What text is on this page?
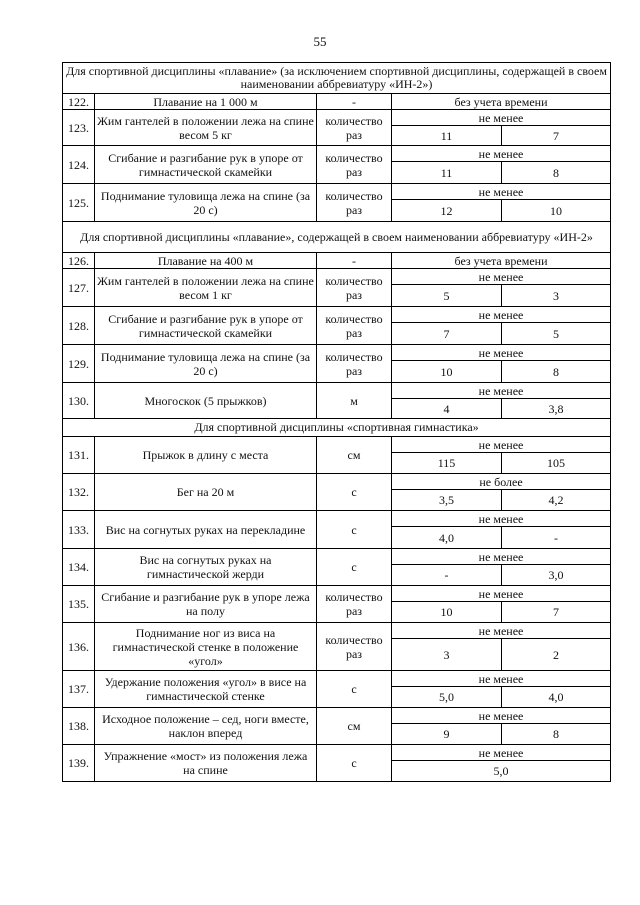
55
Для спортивной дисциплины «плавание» (за исключением спортивной дисциплины, содержащей в своем наименовании аббревиатуру «ИН-2»)				
122.	Плавание на 1 000 м	-	без учета времени	
123.	Жим гантелей в положении лежа на спине весом 5 кг	количество раз	не менее	
			11	7
124.	Сгибание и разгибание рук в упоре от гимнастической скамейки	количество раз	не менее	
			11	8
125.	Поднимание туловища лежа на спине (за 20 с)	количество раз	не менее	
			12	10
Для спортивной дисциплины «плавание», содержащей в своем наименовании аббревиатуру «ИН-2»				
126.	Плавание на 400 м	-	без учета времени	
127.	Жим гантелей в положении лежа на спине весом 1 кг	количество раз	не менее	
			5	3
128.	Сгибание и разгибание рук в упоре от гимнастической скамейки	количество раз	не менее	
			7	5
129.	Поднимание туловища лежа на спине (за 20 с)	количество раз	не менее	
			10	8
130.	Многоскок (5 прыжков)	м	не менее	
			4	3,8
Для спортивной дисциплины «спортивная гимнастика»				
131.	Прыжок в длину с места	см	не менее	
			115	105
132.	Бег на 20 м	с	не более	
			3,5	4,2
133.	Вис на согнутых руках на перекладине	с	не менее	
			4,0	-
134.	Вис на согнутых руках на гимнастической жерди	с	не менее	
			-	3,0
135.	Сгибание и разгибание рук в упоре лежа на полу	количество раз	не менее	
			10	7
136.	Поднимание ног из виса на гимнастической стенке в положение «угол»	количество раз	не менее	
			3	2
137.	Удержание положения «угол» в висе на гимнастической стенке	с	не менее	
			5,0	4,0
138.	Исходное положение – сед, ноги вместе, наклон вперед	см	не менее	
			9	8
139.	Упражнение «мост» из положения лежа на спине	с	не менее	
			5,0	
